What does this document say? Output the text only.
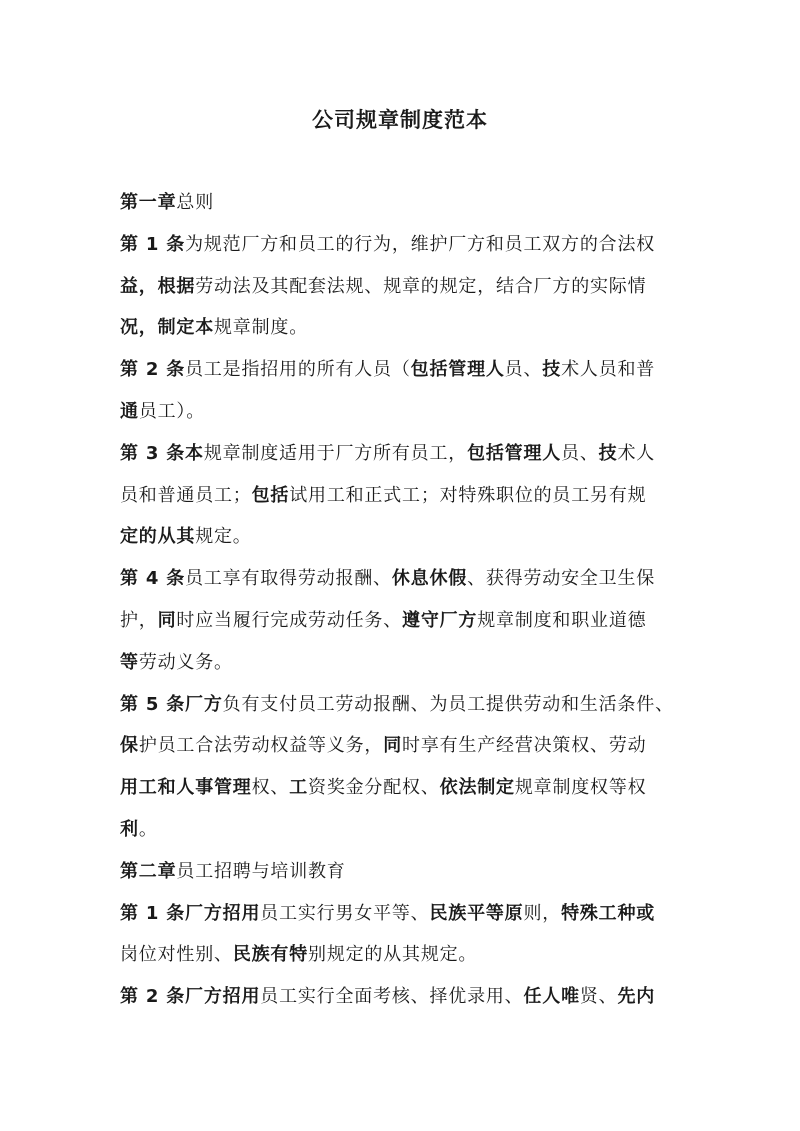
公司规章制度范本
第一章总则
第 1 条为规范厂方和员工的行为，维护厂方和员工双方的合法权
益，根据劳动法及其配套法规、规章的规定，结合厂方的实际情
况，制定本规章制度。
第 2 条员工是指招用的所有人员（包括管理人员、技术人员和普
通员工）。
第 3 条本规章制度适用于厂方所有员工，包括管理人员、技术人
员和普通员工；包括试用工和正式工；对特殊职位的员工另有规
定的从其规定。
第 4 条员工享有取得劳动报酬、休息休假、获得劳动安全卫生保
护，同时应当履行完成劳动任务、遵守厂方规章制度和职业道德
等劳动义务。
第 5 条厂方负有支付员工劳动报酬、为员工提供劳动和生活条件、
保护员工合法劳动权益等义务，同时享有生产经营决策权、劳动
用工和人事管理权、工资奖金分配权、依法制定规章制度权等权
利。
第二章员工招聘与培训教育
第 1 条厂方招用员工实行男女平等、民族平等原则，特殊工种或
岗位对性别、民族有特别规定的从其规定。
第 2 条厂方招用员工实行全面考核、择优录用、任人唯贤、先内
